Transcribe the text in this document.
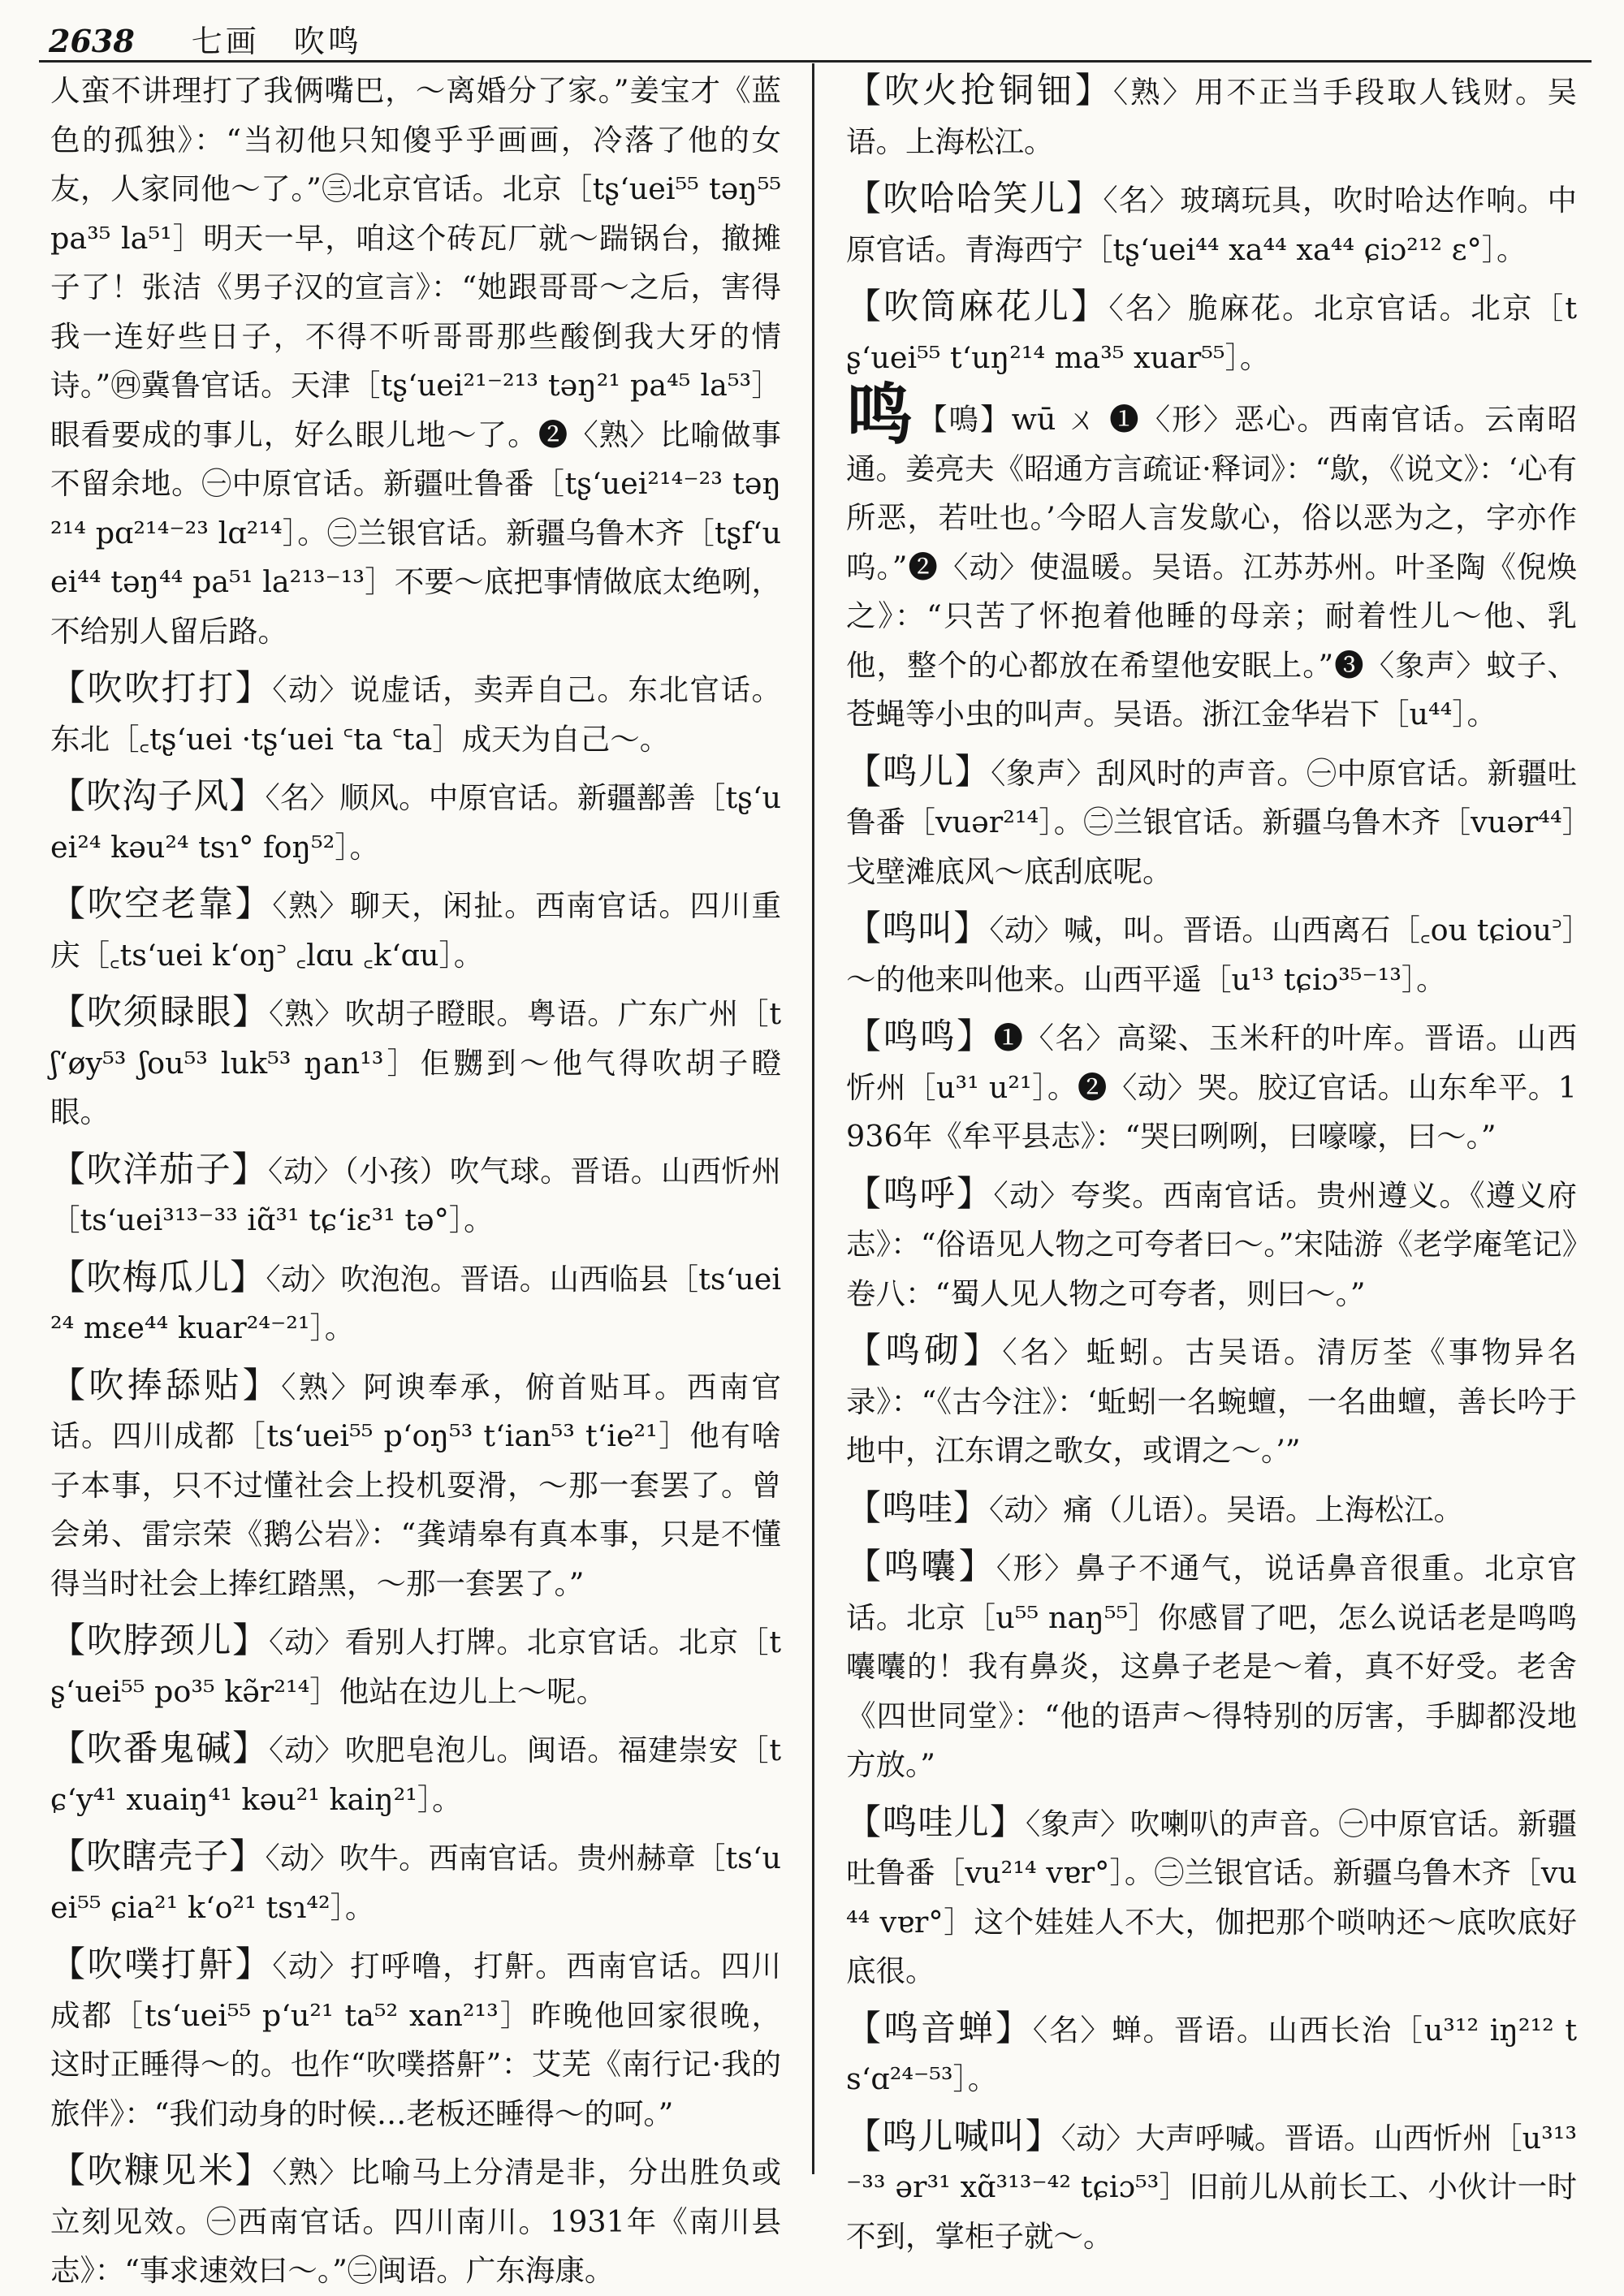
2638 七画　吹鸣

人蛮不讲理打了我俩嘴巴，～离婚分了家。”姜宝才《蓝色的孤独》：“当初他只知傻乎乎画画，冷落了他的女友，人家同他～了。”㊂北京官话。北京［tʂ‘uei⁵⁵ təŋ⁵⁵ pa³⁵ la⁵¹］明天一早，咱这个砖瓦厂就～踹锅台，撤摊子了！张洁《男子汉的宣言》：“她跟哥哥～之后，害得我一连好些日子，不得不听哥哥那些酸倒我大牙的情诗。”㊃冀鲁官话。天津［tʂ‘uei²¹⁻²¹³ təŋ²¹ pa⁴⁵ la⁵³］眼看要成的事儿，好么眼儿地～了。❷〈熟〉比喻做事不留余地。㊀中原官话。新疆吐鲁番［tʂ‘uei²¹⁴⁻²³ təŋ²¹⁴ pɑ²¹⁴⁻²³ lɑ²¹⁴］。㊁兰银官话。新疆乌鲁木齐［tʂf‘uei⁴⁴ təŋ⁴⁴ pa⁵¹ la²¹³⁻¹³］不要～底把事情做底太绝咧，不给别人留后路。

【吹吹打打】〈动〉说虚话，卖弄自己。东北官话。东北［꜀tʂ‘uei ·tʂ‘uei ꜂ta ꜂ta］成天为自己～。

【吹沟子风】〈名〉顺风。中原官话。新疆鄯善［tʂ‘uei²⁴ kəu²⁴ tsɿ° foŋ⁵²］。

【吹空老靠】〈熟〉聊天，闲扯。西南官话。四川重庆［꜀ts‘uei k‘oŋ꜄ ꜀lɑu ꜀k‘ɑu］。

【吹须睩眼】〈熟〉吹胡子瞪眼。粤语。广东广州［tʃ‘øy⁵³ ʃou⁵³ luk⁵³ ŋan¹³］佢嬲到～他气得吹胡子瞪眼。

【吹洋茄子】〈动〉（小孩）吹气球。晋语。山西忻州［ts‘uei³¹³⁻³³ iɑ̃³¹ tɕ‘iɛ³¹ tə°］。

【吹梅瓜儿】〈动〉吹泡泡。晋语。山西临县［ts‘uei²⁴ mɛe⁴⁴ kuar²⁴⁻²¹］。

【吹捧舔贴】〈熟〉阿谀奉承，俯首贴耳。西南官话。四川成都［ts‘uei⁵⁵ p‘oŋ⁵³ t‘ian⁵³ t‘ie²¹］他有啥子本事，只不过懂社会上投机耍滑，～那一套罢了。曾会弟、雷宗荣《鹅公岩》：“龚靖皋有真本事，只是不懂得当时社会上捧红踏黑，～那一套罢了。”

【吹脖颈儿】〈动〉看别人打牌。北京官话。北京［tʂ‘uei⁵⁵ po³⁵ kə̃r²¹⁴］他站在边儿上～呢。

【吹番鬼碱】〈动〉吹肥皂泡儿。闽语。福建崇安［tɕ‘y⁴¹ xuaiŋ⁴¹ kəu²¹ kaiŋ²¹］。

【吹瞎壳子】〈动〉吹牛。西南官话。贵州赫章［ts‘uei⁵⁵ ɕia²¹ k‘o²¹ tsɿ⁴²］。

【吹噗打鼾】〈动〉打呼噜，打鼾。西南官话。四川成都［ts‘uei⁵⁵ p‘u²¹ ta⁵² xan²¹³］昨晚他回家很晚，这时正睡得～的。也作“吹噗搭鼾”：艾芜《南行记·我的旅伴》：“我们动身的时候…老板还睡得～的呵。”

【吹糠见米】〈熟〉比喻马上分清是非，分出胜负或立刻见效。㊀西南官话。四川南川。1931年《南川县志》：“事求速效曰～。”㊁闽语。广东海康。

【吹火抢铜钿】〈熟〉用不正当手段取人钱财。吴语。上海松江。

【吹哈哈笑儿】〈名〉玻璃玩具，吹时哈达作响。中原官话。青海西宁［tʂ‘uei⁴⁴ xa⁴⁴ xa⁴⁴ ɕiɔ²¹² ɛ°］。

【吹筒麻花儿】〈名〉脆麻花。北京官话。北京［tʂ‘uei⁵⁵ t‘uŋ²¹⁴ ma³⁵ xuar⁵⁵］。

鸣 【鳴】wū ㄨ ❶〈形〉恶心。西南官话。云南昭通。姜亮夫《昭通方言疏证·释词》：“歍，《说文》：‘心有所恶，若吐也。’今昭人言发歍心，俗以恶为之，字亦作呜。”❷〈动〉使温暖。吴语。江苏苏州。叶圣陶《倪焕之》：“只苦了怀抱着他睡的母亲；耐着性儿～他、乳他，整个的心都放在希望他安眠上。”❸〈象声〉蚊子、苍蝇等小虫的叫声。吴语。浙江金华岩下［u⁴⁴］。

【鸣儿】〈象声〉刮风时的声音。㊀中原官话。新疆吐鲁番［vuər²¹⁴］。㊁兰银官话。新疆乌鲁木齐［vuər⁴⁴］戈壁滩底风～底刮底呢。

【鸣叫】〈动〉喊，叫。晋语。山西离石［꜀ou tɕiou꜄］～的他来叫他来。山西平遥［u¹³ tɕiɔ³⁵⁻¹³］。

【鸣鸣】❶〈名〉高粱、玉米秆的叶库。晋语。山西忻州［u³¹ u²¹］。❷〈动〉哭。胶辽官话。山东牟平。1936年《牟平县志》：“哭曰咧咧，曰嚎嚎，曰～。”

【鸣呼】〈动〉夸奖。西南官话。贵州遵义。《遵义府志》：“俗语见人物之可夸者曰～。”宋陆游《老学庵笔记》卷八：“蜀人见人物之可夸者，则曰～。”

【鸣砌】〈名〉蚯蚓。古吴语。清厉荃《事物异名录》：“《古今注》：‘蚯蚓一名蜿蟺，一名曲蟺，善长吟于地中，江东谓之歌女，或谓之～。’”

【鸣哇】〈动〉痛（儿语）。吴语。上海松江。

【鸣囔】〈形〉鼻子不通气，说话鼻音很重。北京官话。北京［u⁵⁵ naŋ⁵⁵］你感冒了吧，怎么说话老是鸣鸣囔囔的！我有鼻炎，这鼻子老是～着，真不好受。老舍《四世同堂》：“他的语声～得特别的厉害，手脚都没地方放。”

【鸣哇儿】〈象声〉吹喇叭的声音。㊀中原官话。新疆吐鲁番［vu²¹⁴ vɐr°］。㊁兰银官话。新疆乌鲁木齐［vu⁴⁴ vɐr°］这个娃娃人不大，伽把那个唢呐还～底吹底好底很。

【鸣音蝉】〈名〉蝉。晋语。山西长治［u³¹² iŋ²¹² ts‘ɑ²⁴⁻⁵³］。

【鸣儿喊叫】〈动〉大声呼喊。晋语。山西忻州［u³¹³⁻³³ ər³¹ xɑ̃³¹³⁻⁴² tɕiɔ⁵³］旧前儿从前长工、小伙计一时不到，掌柜子就～。
